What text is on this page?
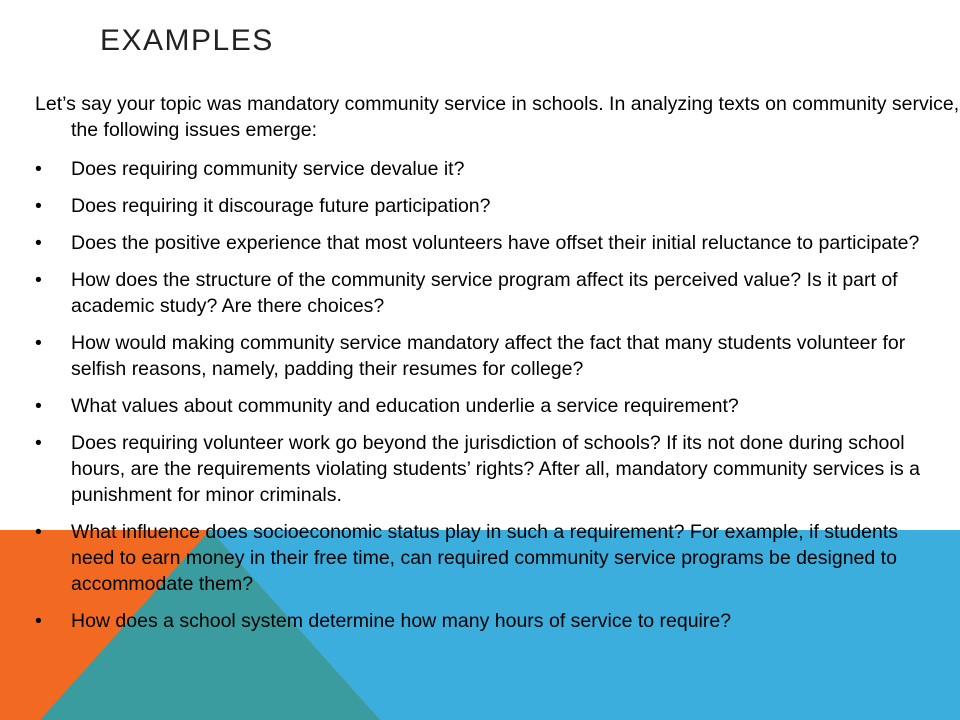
EXAMPLES

Let’s say your topic was mandatory community service in schools. In analyzing texts on community service, the following issues emerge:

•	Does requiring community service devalue it?
•	Does requiring it discourage future participation?
•	Does the positive experience that most volunteers have offset their initial reluctance to participate?
•	How does the structure of the community service program affect its perceived value? Is it part of academic study? Are there choices?
•	How would making community service mandatory affect the fact that many students volunteer for selfish reasons, namely, padding their resumes for college?
•	What values about community and education underlie a service requirement?
•	Does requiring volunteer work go beyond the jurisdiction of schools? If its not done during school hours, are the requirements violating students’ rights? After all, mandatory community services is a punishment for minor criminals.
•	What influence does socioeconomic status play in such a requirement? For example, if students need to earn money in their free time, can required community service programs be designed to accommodate them?
•	How does a school system determine how many hours of service to require?
